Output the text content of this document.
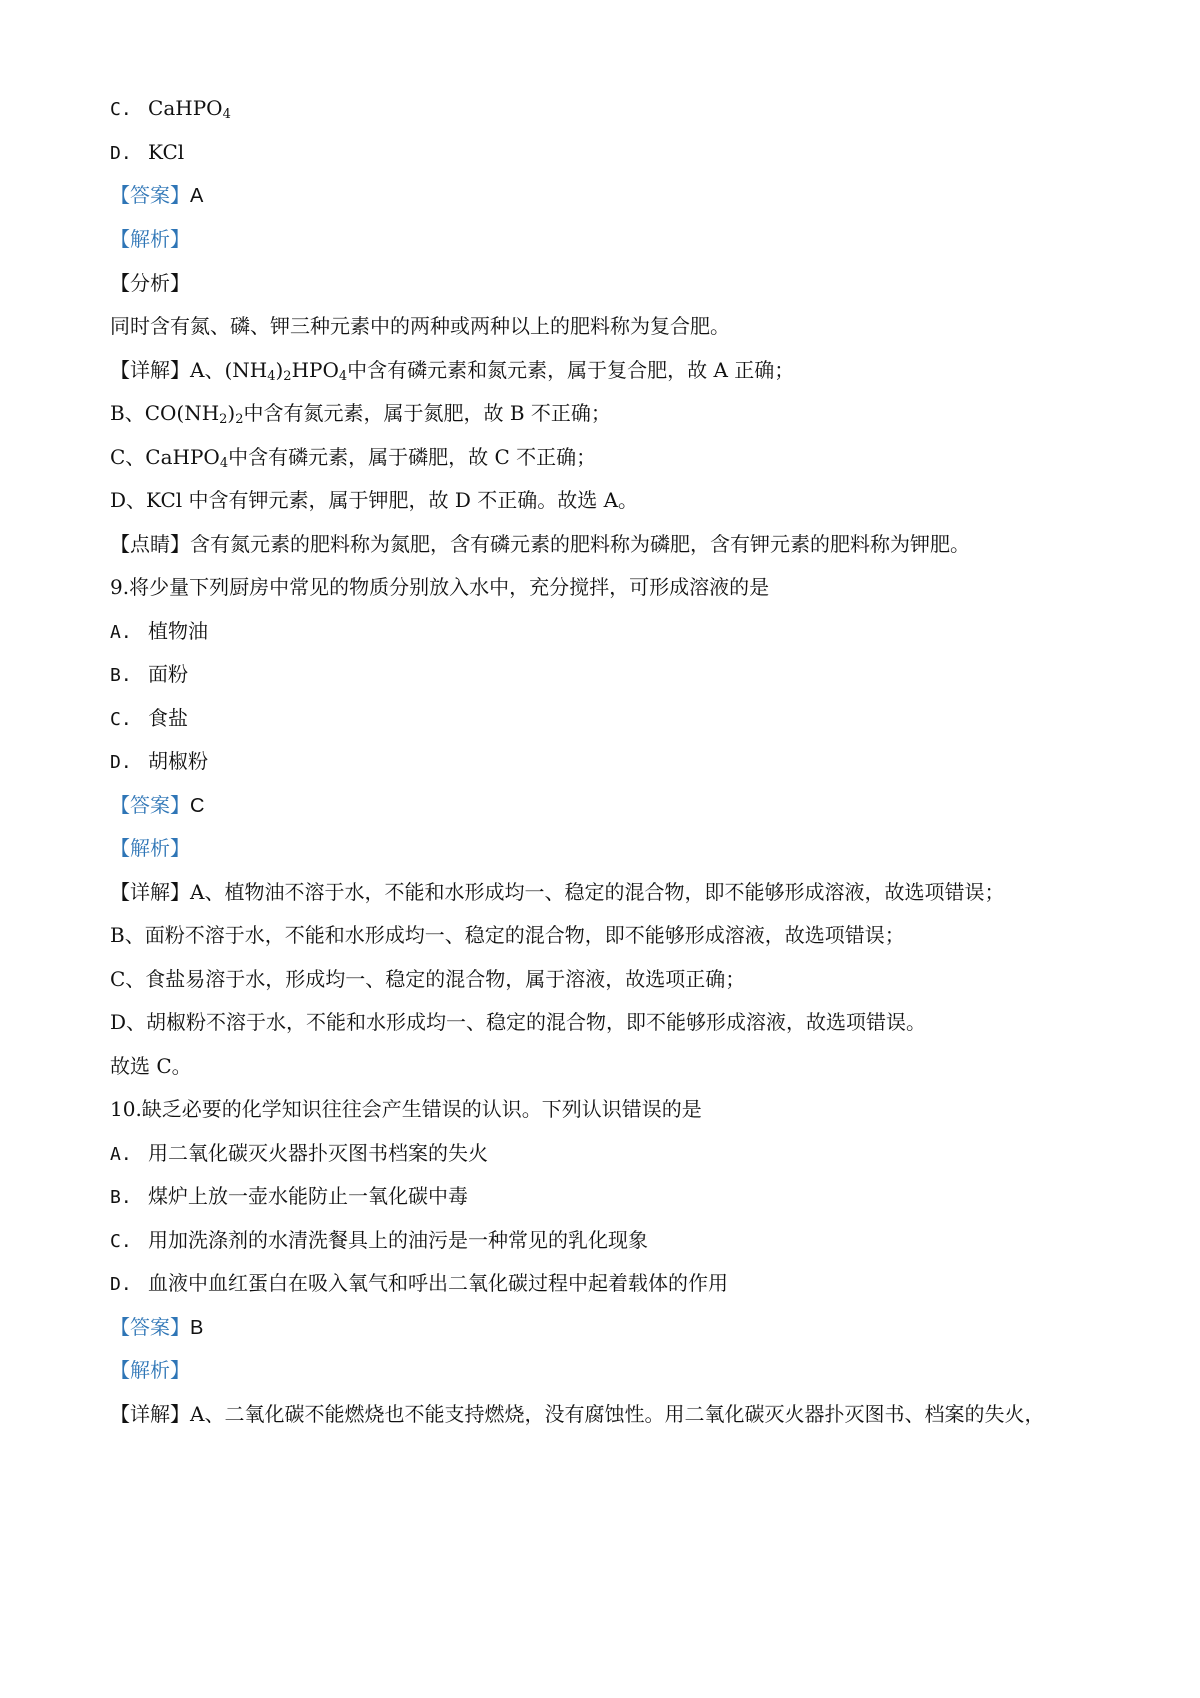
C. CaHPO$_4$
D. KCl
【答案】A
【解析】
【分析】
同时含有氮、磷、钾三种元素中的两种或两种以上的肥料称为复合肥。
【详解】A、$(NH_4)_2HPO_4$中含有磷元素和氮元素，属于复合肥，故 A 正确；
B、$CO(NH_2)_2$中含有氮元素，属于氮肥，故 B 不正确；
C、CaHPO$_4$中含有磷元素，属于磷肥，故 C 不正确；
D、KCl 中含有钾元素，属于钾肥，故 D 不正确。故选 A。
【点睛】含有氮元素的肥料称为氮肥，含有磷元素的肥料称为磷肥，含有钾元素的肥料称为钾肥。
9.将少量下列厨房中常见的物质分别放入水中，充分搅拌，可形成溶液的是
A. 植物油
B. 面粉
C. 食盐
D. 胡椒粉
【答案】C
【解析】
【详解】A、植物油不溶于水，不能和水形成均一、稳定的混合物，即不能够形成溶液，故选项错误；
B、面粉不溶于水，不能和水形成均一、稳定的混合物，即不能够形成溶液，故选项错误；
C、食盐易溶于水，形成均一、稳定的混合物，属于溶液，故选项正确；
D、胡椒粉不溶于水，不能和水形成均一、稳定的混合物，即不能够形成溶液，故选项错误。
故选 C。
10.缺乏必要的化学知识往往会产生错误的认识。下列认识错误的是
A. 用二氧化碳灭火器扑灭图书档案的失火
B. 煤炉上放一壶水能防止一氧化碳中毒
C. 用加洗涤剂的水清洗餐具上的油污是一种常见的乳化现象
D. 血液中血红蛋白在吸入氧气和呼出二氧化碳过程中起着载体的作用
【答案】B
【解析】
【详解】A、二氧化碳不能燃烧也不能支持燃烧，没有腐蚀性。用二氧化碳灭火器扑灭图书、档案的失火，
